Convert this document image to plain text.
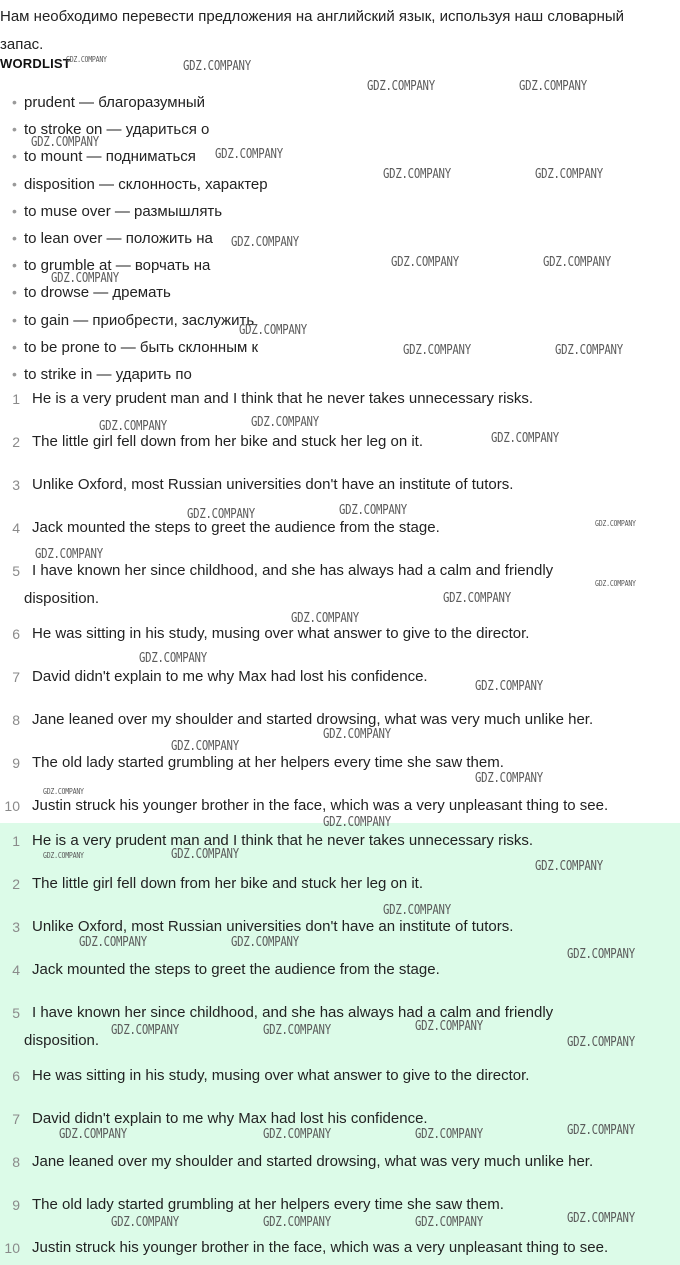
Нам необходимо перевести предложения на английский язык, используя наш словарный запас.
WORDLIST
• prudent — благоразумный
• to stroke on — удариться о
• to mount — подниматься
• disposition — склонность, характер
• to muse over — размышлять
• to lean over — положить на
• to grumble at — ворчать на
• to drowse — дремать
• to gain — приобрести, заслужить
• to be prone to — быть склонным к
• to strike in — ударить по
1 He is a very prudent man and I think that he never takes unnecessary risks.
2 The little girl fell down from her bike and stuck her leg on it.
3 Unlike Oxford, most Russian universities don't have an institute of tutors.
4 Jack mounted the steps to greet the audience from the stage.
5 I have known her since childhood, and she has always had a calm and friendly
disposition.
6 He was sitting in his study, musing over what answer to give to the director.
7 David didn't explain to me why Max had lost his confidence.
8 Jane leaned over my shoulder and started drowsing, what was very much unlike her.
9 The old lady started grumbling at her helpers every time she saw them.
10 Justin struck his younger brother in the face, which was a very unpleasant thing to see.
1 He is a very prudent man and I think that he never takes unnecessary risks.
2 The little girl fell down from her bike and stuck her leg on it.
3 Unlike Oxford, most Russian universities don't have an institute of tutors.
4 Jack mounted the steps to greet the audience from the stage.
5 I have known her since childhood, and she has always had a calm and friendly
disposition.
6 He was sitting in his study, musing over what answer to give to the director.
7 David didn't explain to me why Max had lost his confidence.
8 Jane leaned over my shoulder and started drowsing, what was very much unlike her.
9 The old lady started grumbling at her helpers every time she saw them.
10 Justin struck his younger brother in the face, which was a very unpleasant thing to see.
GDZ.COMPANY	GDZ.COMPANY
GDZ.COMPANY	GDZ.COMPANY
GDZ.COMPANY
GDZ.COMPANY
GDZ.COMPANY	GDZ.COMPANY
GDZ.COMPANY
GDZ.COMPANY	GDZ.COMPANY
GDZ.COMPANY
GDZ.COMPANY
GDZ.COMPANY	GDZ.COMPANY
GDZ.COMPANY	GDZ.COMPANY
GDZ.COMPANY
GDZ.COMPANY	GDZ.COMPANY
GDZ.COMPANY
GDZ.COMPANY
GDZ.COMPANY
GDZ.COMPANY
GDZ.COMPANY
GDZ.COMPANY
GDZ.COMPANY
GDZ.COMPANY
GDZ.COMPANY
GDZ.COMPANY
GDZ.COMPANY
GDZ.COMPANY
GDZ.COMPANY	GDZ.COMPANY
GDZ.COMPANY
GDZ.COMPANY
GDZ.COMPANY	GDZ.COMPANY
GDZ.COMPANY
GDZ.COMPANY	GDZ.COMPANY	GDZ.COMPANY
GDZ.COMPANY
GDZ.COMPANY	GDZ.COMPANY	GDZ.COMPANY	GDZ.COMPANY
GDZ.COMPANY	GDZ.COMPANY	GDZ.COMPANY	GDZ.COMPANY
